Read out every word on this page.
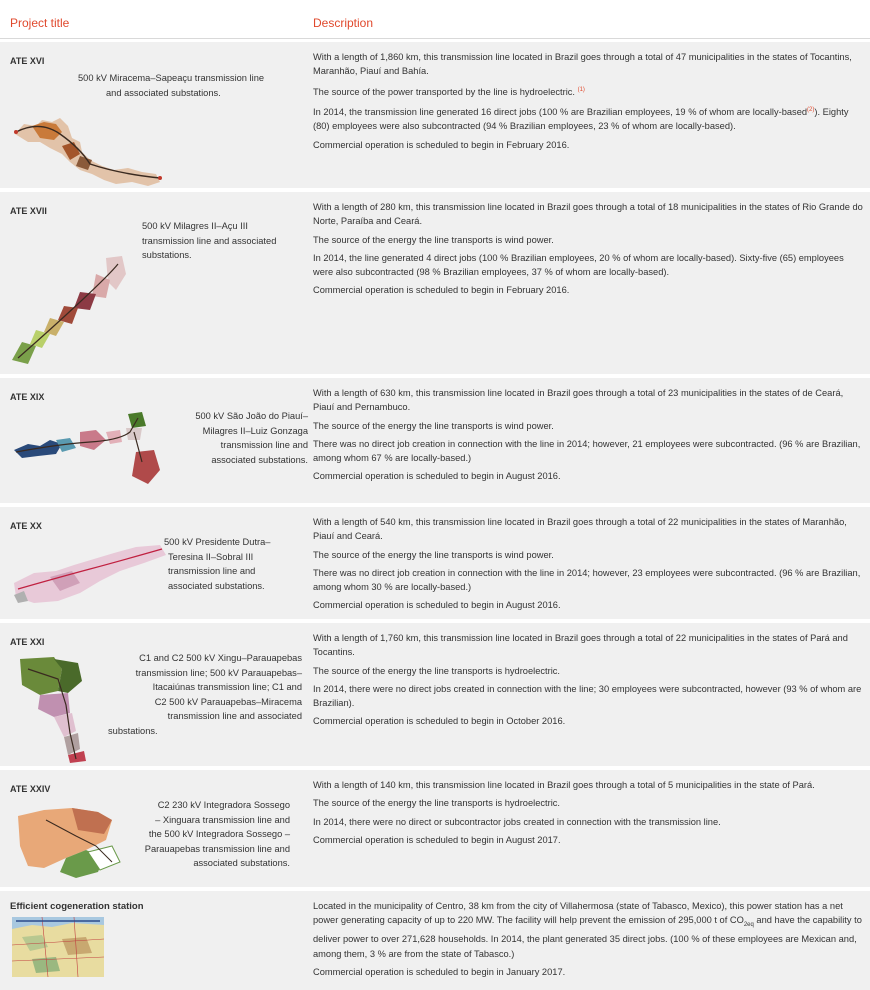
Project title	Description
ATE XVI
500 kV Miracema–Sapeaçu transmission line
and associated substations.

With a length of 1,860 km, this transmission line located in Brazil goes through a total of 47 municipalities in the states of Tocantins, Maranhão, Piauí and Bahía.

The source of the power transported by the line is hydroelectric. $^{(1)}$

In 2014, the transmission line generated 16 direct jobs (100 % are Brazilian employees, 19 % of whom are locally-based$^{(2)}$). Eighty (80) employees were also subcontracted (94 % Brazilian employees, 23 % of whom are locally-based).

Commercial operation is scheduled to begin in February 2016.

ATE XVII
500 kV Milagres II–Açu III
transmission line and associated
substations.

With a length of 280 km, this transmission line located in Brazil goes through a total of 18 municipalities in the states of Rio Grande do Norte, Paraíba and Ceará.

The source of the energy the line transports is wind power.

In 2014, the line generated 4 direct jobs (100 % Brazilian employees, 20 % of whom are locally-based). Sixty-five (65) employees were also subcontracted (98 % Brazilian employees, 37 % of whom are locally-based).

Commercial operation is scheduled to begin in February 2016.

ATE XIX
500 kV São João do Piauí–
Milagres II–Luiz Gonzaga
transmission line and
associated substations.

With a length of 630 km, this transmission line located in Brazil goes through a total of 23 municipalities in the states of de Ceará, Piauí and Pernambuco.

The source of the energy the line transports is wind power.

There was no direct job creation in connection with the line in 2014; however, 21 employees were subcontracted. (96 % are Brazilian, among whom 67 % are locally-based.)

Commercial operation is scheduled to begin in August 2016.

ATE XX
500 kV Presidente Dutra–
Teresina II–Sobral III
transmission line and
associated substations.

With a length of 540 km, this transmission line located in Brazil goes through a total of 22 municipalities in the states of Maranhão, Piauí and Ceará.

The source of the energy the line transports is wind power.

There was no direct job creation in connection with the line in 2014; however, 23 employees were subcontracted. (96 % are Brazilian, among whom 30 % are locally-based.)

Commercial operation is scheduled to begin in August 2016.

ATE XXI
C1 and C2 500 kV Xingu–Parauapebas
transmission line; 500 kV Parauapebas–
Itacaiúnas transmission line; C1 and
C2 500 kV Parauapebas–Miracema
transmission line and associated
substations.

With a length of 1,760 km, this transmission line located in Brazil goes through a total of 22 municipalities in the states of Pará and Tocantins.

The source of the energy the line transports is hydroelectric.

In 2014, there were no direct jobs created in connection with the line; 30 employees were subcontracted, however (93 % of whom are Brazilian).

Commercial operation is scheduled to begin in October 2016.

ATE XXIV
C2 230 kV Integradora Sossego
– Xinguara transmission line and
the 500 kV Integradora Sossego –
Parauapebas transmission line and
associated substations.

With a length of 140 km, this transmission line located in Brazil goes through a total of 5 municipalities in the state of Pará.

The source of the energy the line transports is hydroelectric.

In 2014, there were no direct or subcontractor jobs created in connection with the transmission line.

Commercial operation is scheduled to begin in August 2017.

Efficient cogeneration station	Located in the municipality of Centro, 38 km from the city of Villahermosa (state of Tabasco, Mexico), this power station has a net power generating capacity of up to 220 MW. The facility will help prevent the emission of 295,000 t of $CO_{2eq}$ and have the capability to deliver power to over 271,628 households. In 2014, the plant generated 35 direct jobs. (100 % of these employees are Mexican and, among them, 3 % are from the state of Tabasco.)

Commercial operation is scheduled to begin in January 2017.
